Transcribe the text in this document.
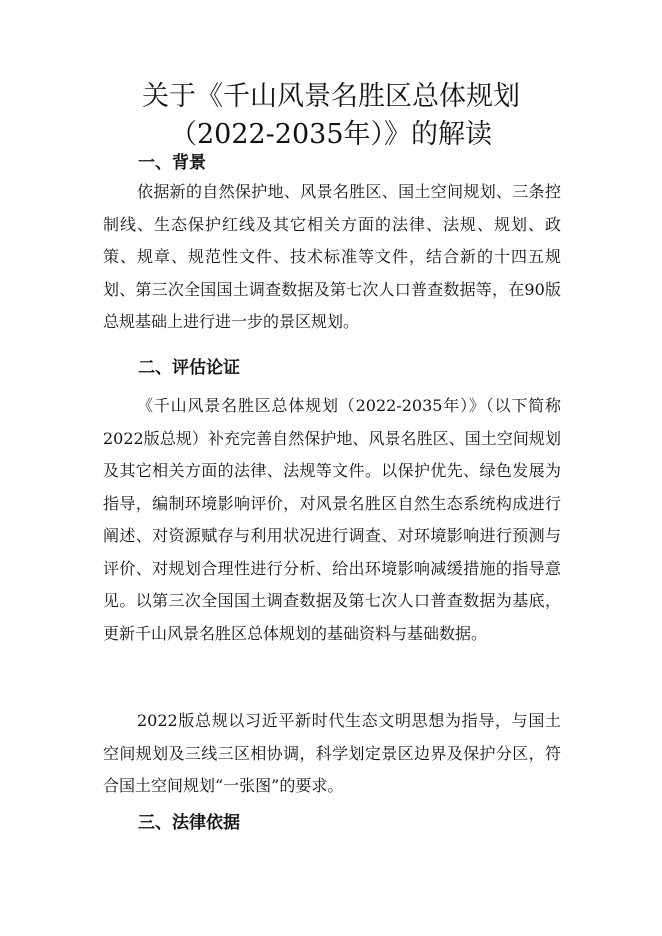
关于《千山风景名胜区总体规划（2022-2035年）》的解读
一、背景

依据新的自然保护地、风景名胜区、国土空间规划、三条控制线、生态保护红线及其它相关方面的法律、法规、规划、政策、规章、规范性文件、技术标准等文件，结合新的十四五规划、第三次全国国土调查数据及第七次人口普查数据等，在90版总规基础上进行进一步的景区规划。

二、评估论证

《千山风景名胜区总体规划（2022-2035年）》（以下简称2022版总规）补充完善自然保护地、风景名胜区、国土空间规划及其它相关方面的法律、法规等文件。以保护优先、绿色发展为指导，编制环境影响评价，对风景名胜区自然生态系统构成进行阐述、对资源赋存与利用状况进行调查、对环境影响进行预测与评价、对规划合理性进行分析、给出环境影响减缓措施的指导意见。以第三次全国国土调查数据及第七次人口普查数据为基底，更新千山风景名胜区总体规划的基础资料与基础数据。

2022版总规以习近平新时代生态文明思想为指导，与国土空间规划及三线三区相协调，科学划定景区边界及保护分区，符合国土空间规划“一张图”的要求。

三、法律依据
